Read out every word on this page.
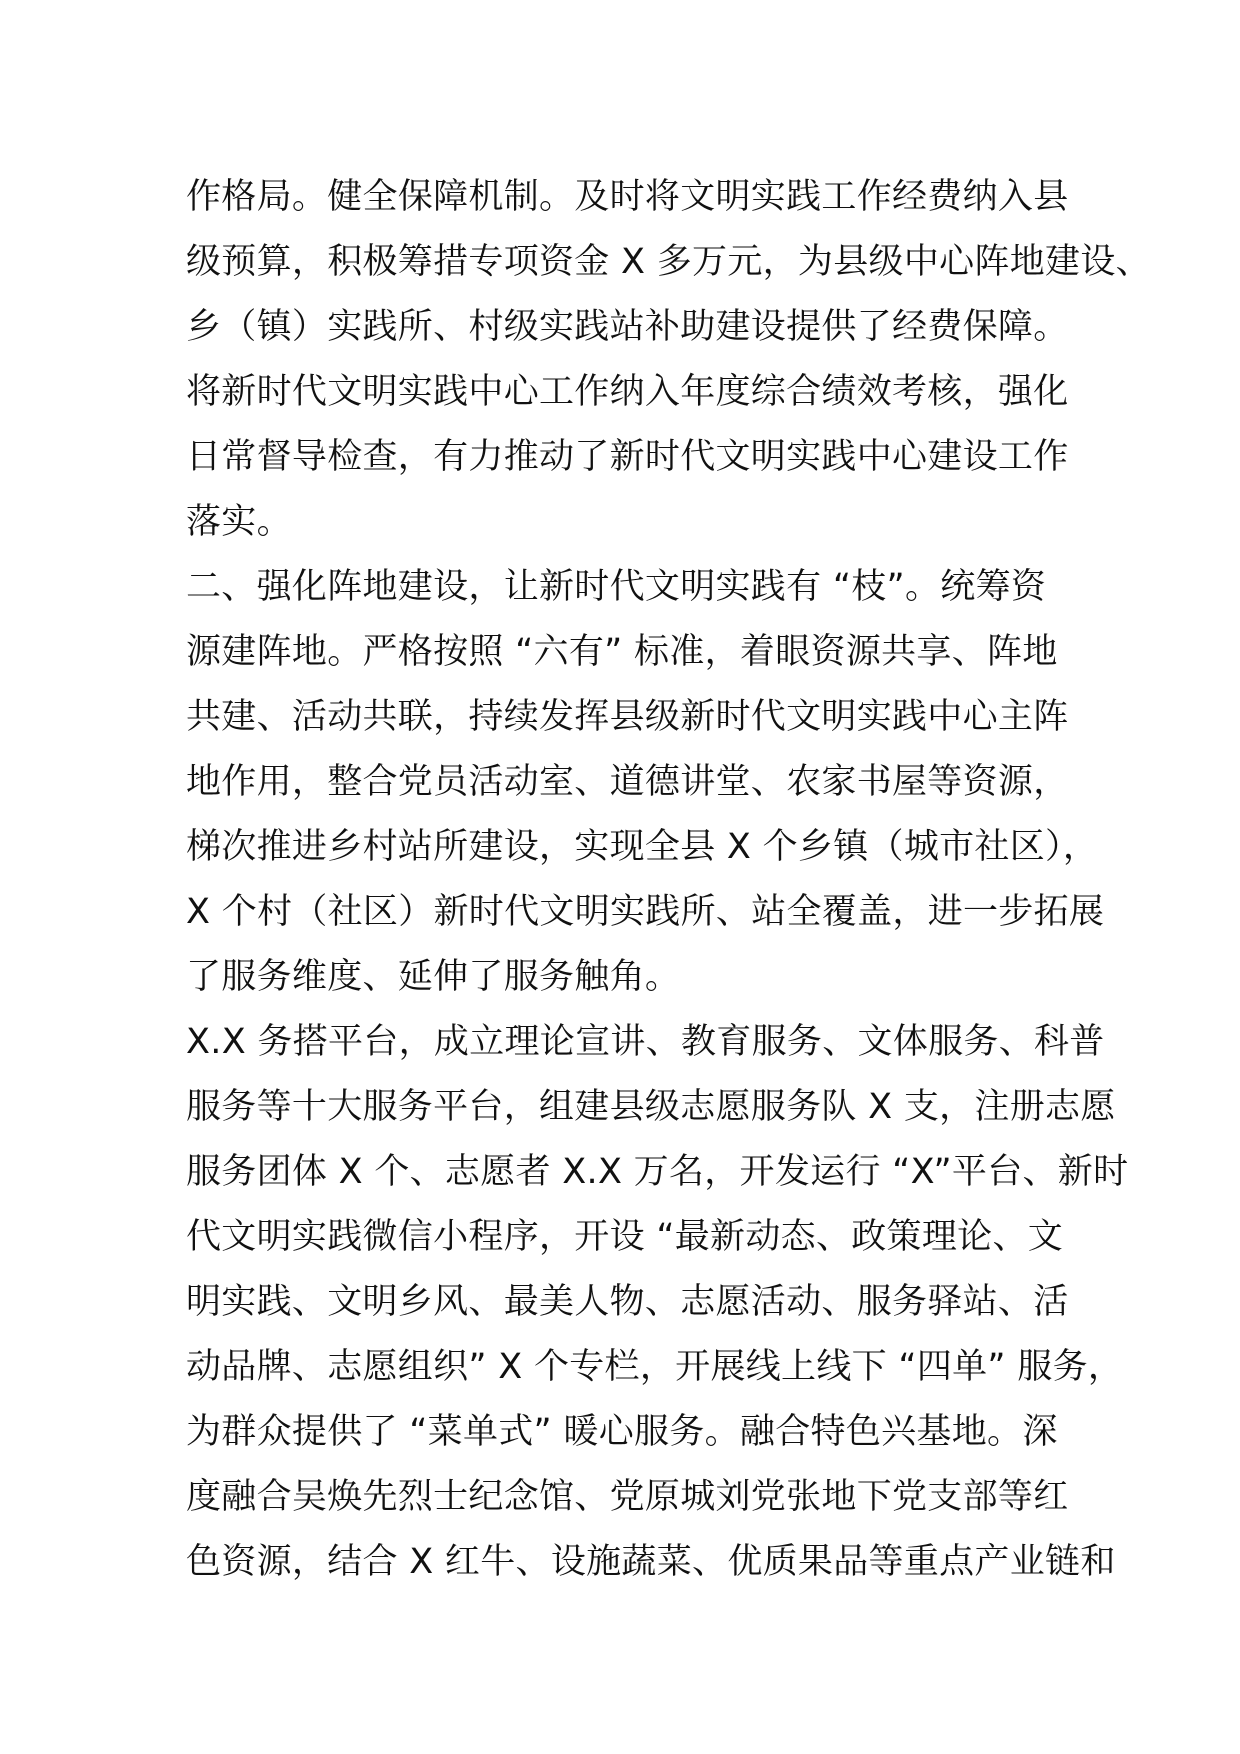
作格局。健全保障机制。及时将文明实践工作经费纳入县
级预算，积极筹措专项资金 X 多万元，为县级中心阵地建设、
乡（镇）实践所、村级实践站补助建设提供了经费保障。
将新时代文明实践中心工作纳入年度综合绩效考核，强化
日常督导检查，有力推动了新时代文明实践中心建设工作
落实。
二、强化阵地建设，让新时代文明实践有 “枝”。统筹资
源建阵地。严格按照 “六有” 标准，着眼资源共享、阵地
共建、活动共联，持续发挥县级新时代文明实践中心主阵
地作用，整合党员活动室、道德讲堂、农家书屋等资源，
梯次推进乡村站所建设，实现全县 X 个乡镇（城市社区），
X 个村（社区）新时代文明实践所、站全覆盖，进一步拓展
了服务维度、延伸了服务触角。
X.X 务搭平台，成立理论宣讲、教育服务、文体服务、科普
服务等十大服务平台，组建县级志愿服务队 X 支，注册志愿
服务团体 X 个、志愿者 X.X 万名，开发运行 “X”平台、新时
代文明实践微信小程序，开设 “最新动态、政策理论、文
明实践、文明乡风、最美人物、志愿活动、服务驿站、活
动品牌、志愿组织” X 个专栏，开展线上线下 “四单” 服务，
为群众提供了 “菜单式” 暖心服务。融合特色兴基地。深
度融合吴焕先烈士纪念馆、党原城刘党张地下党支部等红
色资源，结合 X 红牛、设施蔬菜、优质果品等重点产业链和
